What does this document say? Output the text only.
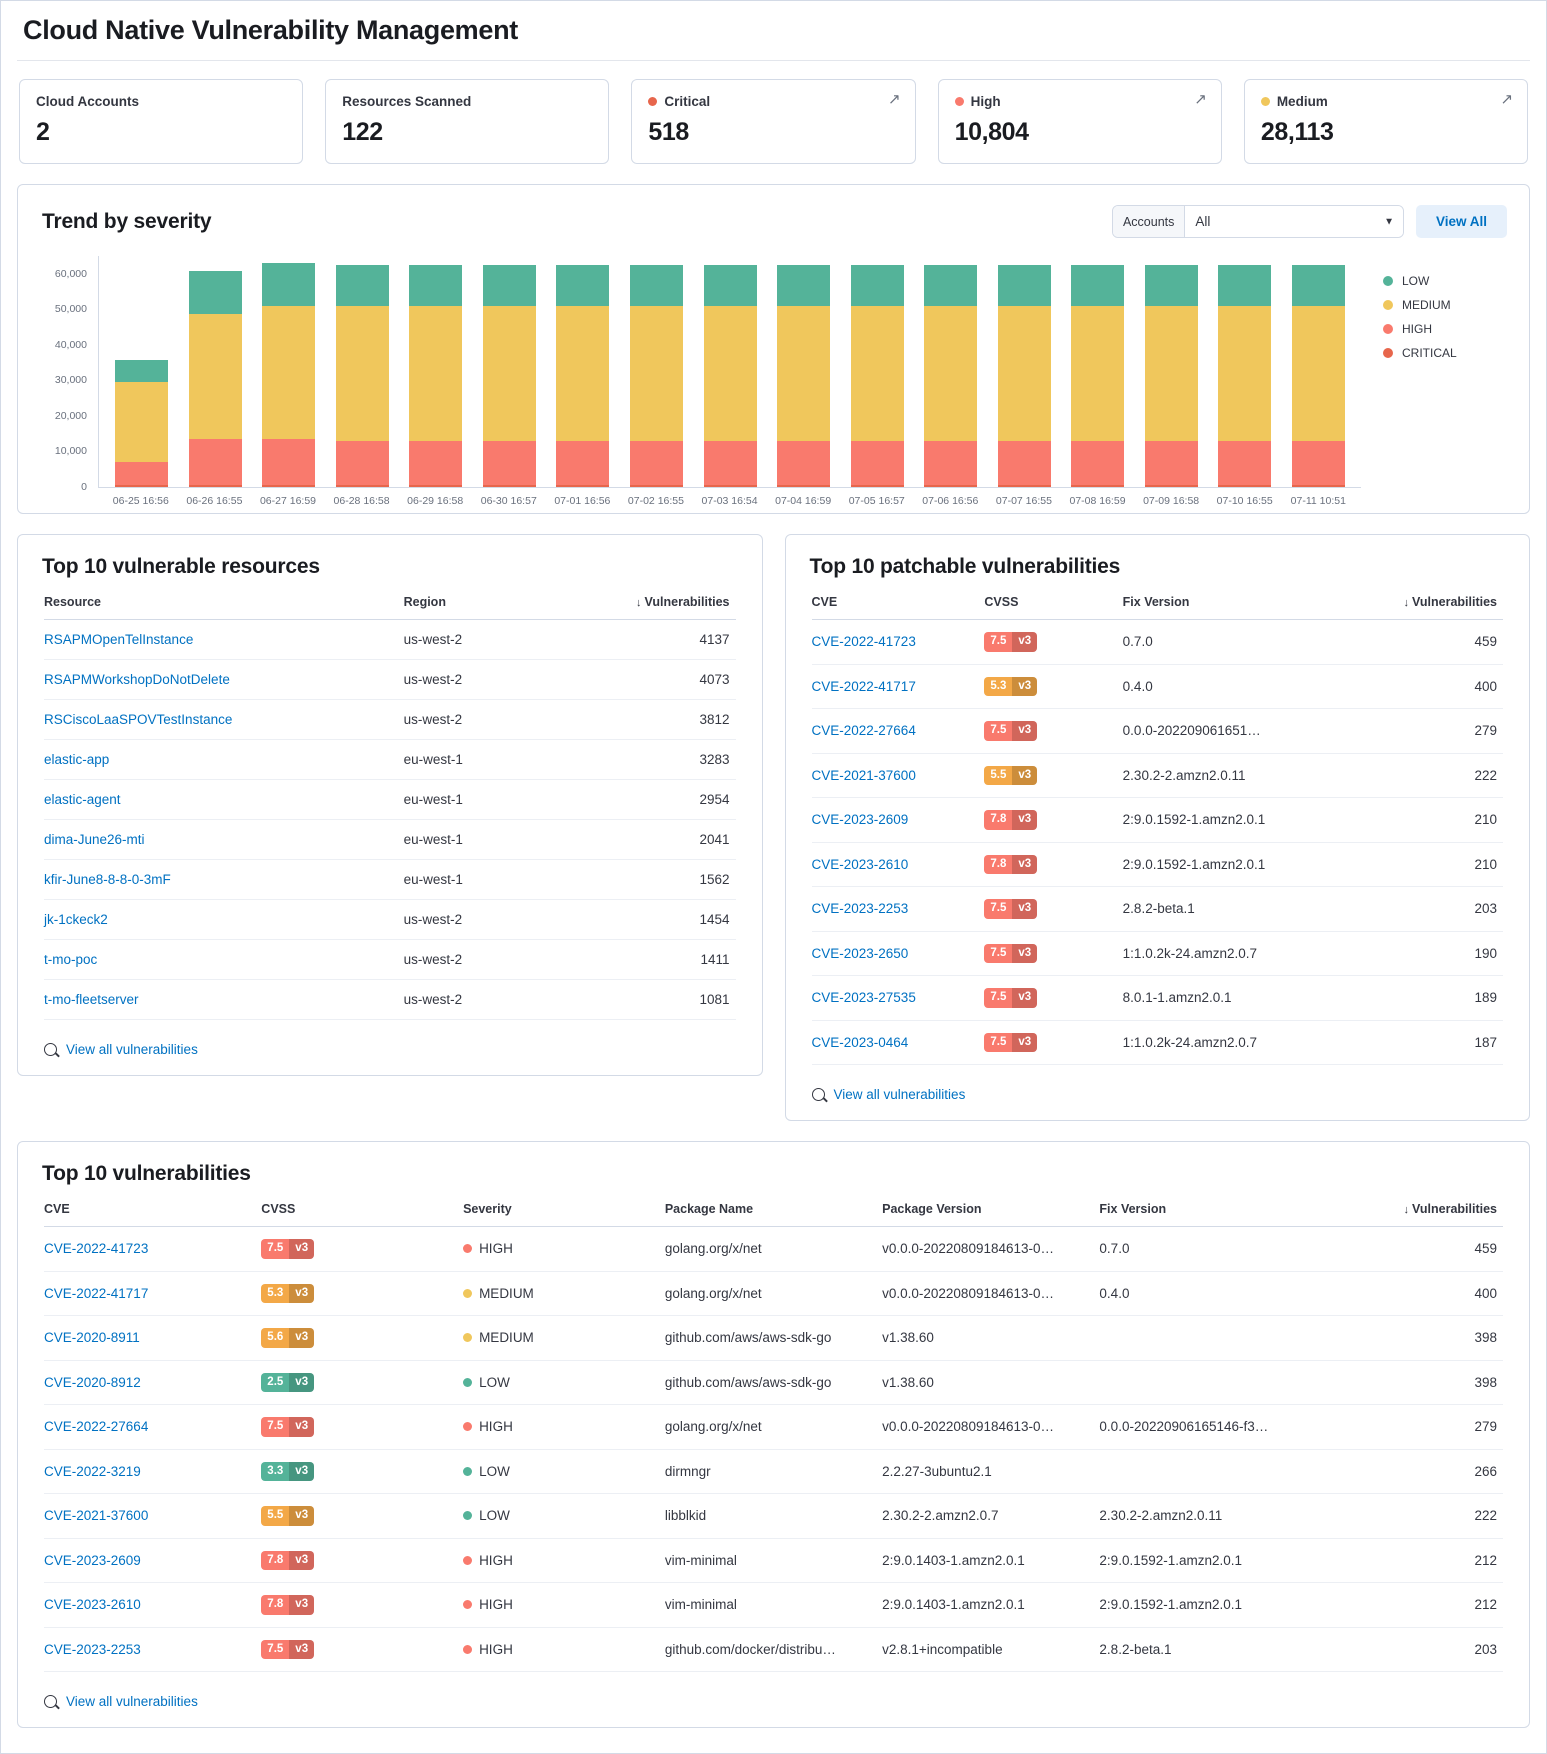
Cloud Native Vulnerability Management
Cloud Accounts
2
Resources Scanned
122
Critical
518
↗	High
10,804
↗	Medium
28,113
↗
Trend by severity	Accounts	All	▼	View All
0
10,000
20,000
30,000
40,000
50,000
60,000
06-25 16:56	06-26 16:55	06-27 16:59	06-28 16:58	06-29 16:58	06-30 16:57	07-01 16:56	07-02 16:55	07-03 16:54	07-04 16:59	07-05 16:57	07-06 16:56	07-07 16:55	07-08 16:59	07-09 16:58	07-10 16:55	07-11 10:51
LOW
MEDIUM
HIGH
CRITICAL
Top 10 vulnerable resources
Resource	Region	↓ Vulnerabilities
RSAPMOpenTelInstance	us-west-2	4137
RSAPMWorkshopDoNotDelete	us-west-2	4073
RSCiscoLaaSPOVTestInstance	us-west-2	3812
elastic-app	eu-west-1	3283
elastic-agent	eu-west-1	2954
dima-June26-mti	eu-west-1	2041
kfir-June8-8-8-0-3mF	eu-west-1	1562
jk-1ckeck2	us-west-2	1454
t-mo-poc	us-west-2	1411
t-mo-fleetserver	us-west-2	1081
View all vulnerabilities
Top 10 patchable vulnerabilities
CVE	CVSS	Fix Version	↓ Vulnerabilities
CVE-2022-41723	7.5 v3	0.7.0	459
CVE-2022-41717	5.3 v3	0.4.0	400
CVE-2022-27664	7.5 v3	0.0.0-202209061651…	279
CVE-2021-37600	5.5 v3	2.30.2-2.amzn2.0.11	222
CVE-2023-2609	7.8 v3	2:9.0.1592-1.amzn2.0.1	210
CVE-2023-2610	7.8 v3	2:9.0.1592-1.amzn2.0.1	210
CVE-2023-2253	7.5 v3	2.8.2-beta.1	203
CVE-2023-2650	7.5 v3	1:1.0.2k-24.amzn2.0.7	190
CVE-2023-27535	7.5 v3	8.0.1-1.amzn2.0.1	189
CVE-2023-0464	7.5 v3	1:1.0.2k-24.amzn2.0.7	187
View all vulnerabilities
Top 10 vulnerabilities
CVE	CVSS	Severity	Package Name	Package Version	Fix Version	↓ Vulnerabilities
CVE-2022-41723	7.5 v3	HIGH	golang.org/x/net	v0.0.0-20220809184613-0…	0.7.0	459
CVE-2022-41717	5.3 v3	MEDIUM	golang.org/x/net	v0.0.0-20220809184613-0…	0.4.0	400
CVE-2020-8911	5.6 v3	MEDIUM	github.com/aws/aws-sdk-go	v1.38.60		398
CVE-2020-8912	2.5 v3	LOW	github.com/aws/aws-sdk-go	v1.38.60		398
CVE-2022-27664	7.5 v3	HIGH	golang.org/x/net	v0.0.0-20220809184613-0…	0.0.0-20220906165146-f3…	279
CVE-2022-3219	3.3 v3	LOW	dirmngr	2.2.27-3ubuntu2.1		266
CVE-2021-37600	5.5 v3	LOW	libblkid	2.30.2-2.amzn2.0.7	2.30.2-2.amzn2.0.11	222
CVE-2023-2609	7.8 v3	HIGH	vim-minimal	2:9.0.1403-1.amzn2.0.1	2:9.0.1592-1.amzn2.0.1	212
CVE-2023-2610	7.8 v3	HIGH	vim-minimal	2:9.0.1403-1.amzn2.0.1	2:9.0.1592-1.amzn2.0.1	212
CVE-2023-2253	7.5 v3	HIGH	github.com/docker/distribu…	v2.8.1+incompatible	2.8.2-beta.1	203
View all vulnerabilities
